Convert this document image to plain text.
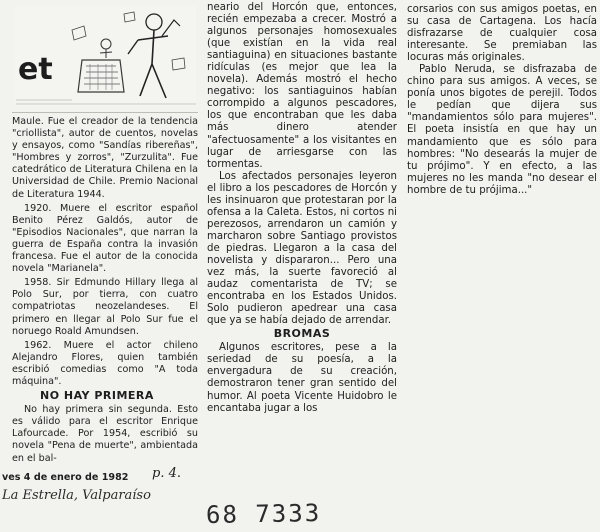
et

Maule. Fue el creador de la tendencia "criollista", autor de cuentos, novelas y ensayos, como "Sandías ribereñas", "Hombres y zorros", "Zurzulita". Fue catedrático de Literatura Chilena en la Universidad de Chile. Premio Nacional de Literatura 1944.

1920. Muere el escritor español Benito Pérez Galdós, autor de "Episodios Nacionales", que narran la guerra de España contra la invasión francesa. Fue el autor de la conocida novela "Marianela".

1958. Sir Edmundo Hillary llega al Polo Sur, por tierra, con cuatro compatriotas neozelandeses. El primero en llegar al Polo Sur fue el noruego Roald Amundsen.

1962. Muere el actor chileno Alejandro Flores, quien también escribió comedias como "A toda máquina".

NO HAY PRIMERA

No hay primera sin segunda. Esto es válido para el escritor Enrique Lafourcade. Por 1954, escribió su novela "Pena de muerte", ambientada en el bal-

neario del Horcón que, entonces, recién empezaba a crecer. Mostró a algunos personajes homosexuales (que existían en la vida real santiaguina) en situaciones bastante ridículas (es mejor que lea la novela). Además mostró el hecho negativo: los santiaguinos habían corrompido a algunos pescadores, los que encontraban que les daba más dinero atender "afectuosamente" a los visitantes en lugar de arriesgarse con las tormentas.

Los afectados personajes leyeron el libro a los pescadores de Horcón y les insinuaron que protestaran por la ofensa a la Caleta. Estos, ni cortos ni perezosos, arrendaron un camión y marcharon sobre Santiago provistos de piedras. Llegaron a la casa del novelista y dispararon... Pero una vez más, la suerte favoreció al audaz comentarista de TV; se encontraba en los Estados Unidos. Solo pudieron apedrear una casa que ya se había dejado de arrendar.

BROMAS

Algunos escritores, pese a la seriedad de su poesía, a la envergadura de su creación, demostraron tener gran sentido del humor. Al poeta Vicente Huidobro le encantaba jugar a los

corsarios con sus amigos poetas, en su casa de Cartagena. Los hacía disfrazarse de cualquier cosa interesante. Se premiaban las locuras más originales.

Pablo Neruda, se disfrazaba de chino para sus amigos. A veces, se ponía unos bigotes de perejil. Todos le pedían que dijera sus "mandamientos sólo para mujeres". El poeta insistía en que hay un mandamiento que es sólo para hombres: "No desearás la mujer de tu prójimo". Y en efecto, a las mujeres no les manda "no desear el hombre de tu prójima..."

ves 4 de enero de 1982 p. 4.
La Estrella, Valparaíso
68 7333
